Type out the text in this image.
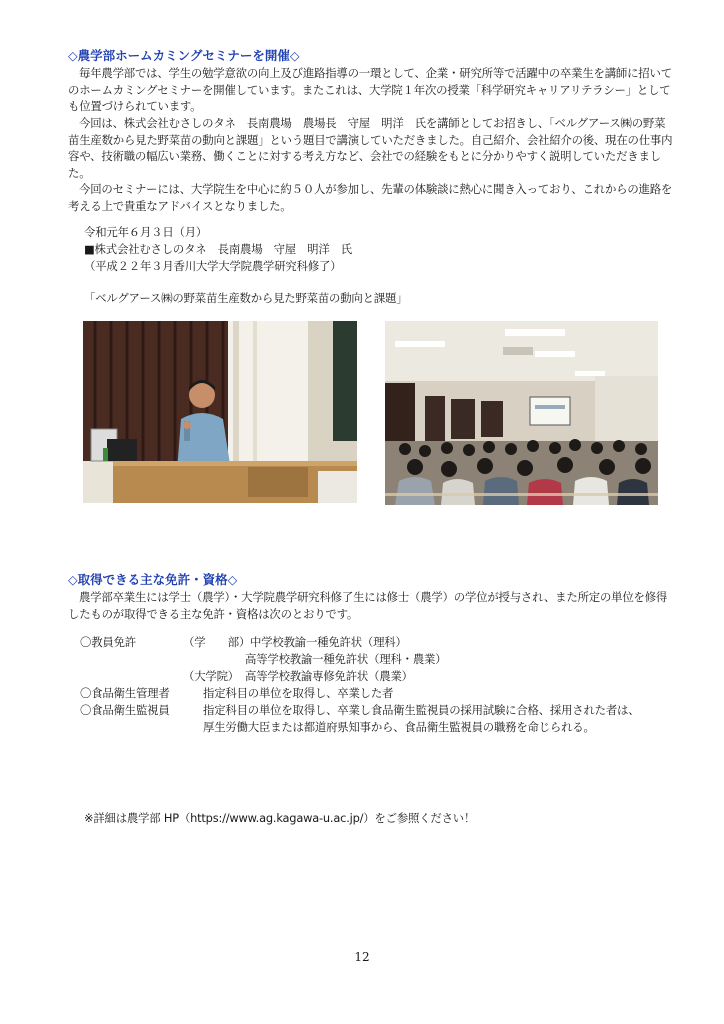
◇農学部ホームカミングセミナーを開催◇
毎年農学部では、学生の勉学意欲の向上及び進路指導の一環として、企業・研究所等で活躍中の卒業生を講師に招いてのホームカミングセミナーを開催しています。またこれは、大学院１年次の授業「科学研究キャリアリテラシー」としても位置づけられています。
今回は、株式会社むさしのタネ　長南農場　農場長　守屋　明洋　氏を講師としてお招きし、「ベルグアース㈱の野菜苗生産数から見た野菜苗の動向と課題」という題目で講演していただきました。自己紹介、会社紹介の後、現在の仕事内容や、技術職の幅広い業務、働くことに対する考え方など、会社での経験をもとに分かりやすく説明していただきました。
今回のセミナーには、大学院生を中心に約５０人が参加し、先輩の体験談に熱心に聞き入っており、これからの進路を考える上で貴重なアドバイスとなりました。
令和元年６月３日（月）
■株式会社むさしのタネ　長南農場　守屋　明洋　氏
（平成２２年３月香川大学大学院農学研究科修了）
「ベルグアース㈱の野菜苗生産数から見た野菜苗の動向と課題」
◇取得できる主な免許・資格◇
農学部卒業生には学士（農学）・大学院農学研究科修了生には修士（農学）の学位が授与され、また所定の単位を修得したものが取得できる主な免許・資格は次のとおりです。
〇教員免許	（学　　部） 中学校教諭一種免許状（理科）
高等学校教諭一種免許状（理科・農業）
（大学院） 高等学校教諭専修免許状（農業）
〇食品衛生管理者	指定科目の単位を取得し、卒業した者
〇食品衛生監視員	指定科目の単位を取得し、卒業し食品衛生監視員の採用試験に合格、採用された者は、
厚生労働大臣または都道府県知事から、食品衛生監視員の職務を命じられる。
※詳細は農学部 HP（https://www.ag.kagawa-u.ac.jp/）をご参照ください！
12
